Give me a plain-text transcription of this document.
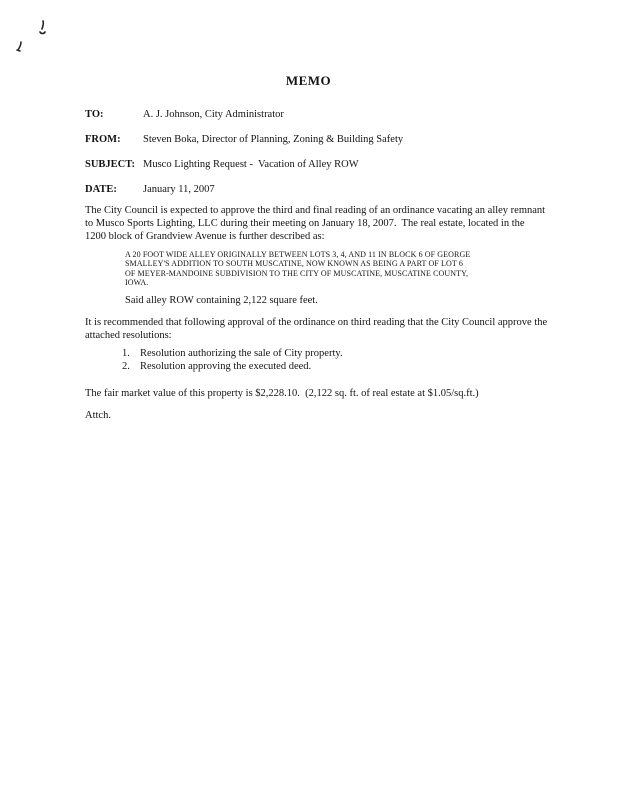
MEMO
TO:	A. J. Johnson, City Administrator
FROM: Steven Boka, Director of Planning, Zoning & Building Safety
SUBJECT: Musco Lighting Request -  Vacation of Alley ROW
DATE: January 11, 2007

The City Council is expected to approve the third and final reading of an ordinance vacating an alley remnant to Musco Sports Lighting, LLC during their meeting on January 18, 2007.  The real estate, located in the 1200 block of Grandview Avenue is further described as:

A 20 FOOT WIDE ALLEY ORIGINALLY BETWEEN LOTS 3, 4, AND 11 IN BLOCK 6 OF GEORGE SMALLEY'S ADDITION TO SOUTH MUSCATINE, NOW KNOWN AS BEING A PART OF LOT 6 OF MEYER-MANDOINE SUBDIVISION TO THE CITY OF MUSCATINE, MUSCATINE COUNTY, IOWA.

Said alley ROW containing 2,122 square feet.

It is recommended that following approval of the ordinance on third reading that the City Council approve the attached resolutions:

1. Resolution authorizing the sale of City property.
2. Resolution approving the executed deed.

The fair market value of this property is $2,228.10.  (2,122 sq. ft. of real estate at $1.05/sq.ft.)

Attch.
